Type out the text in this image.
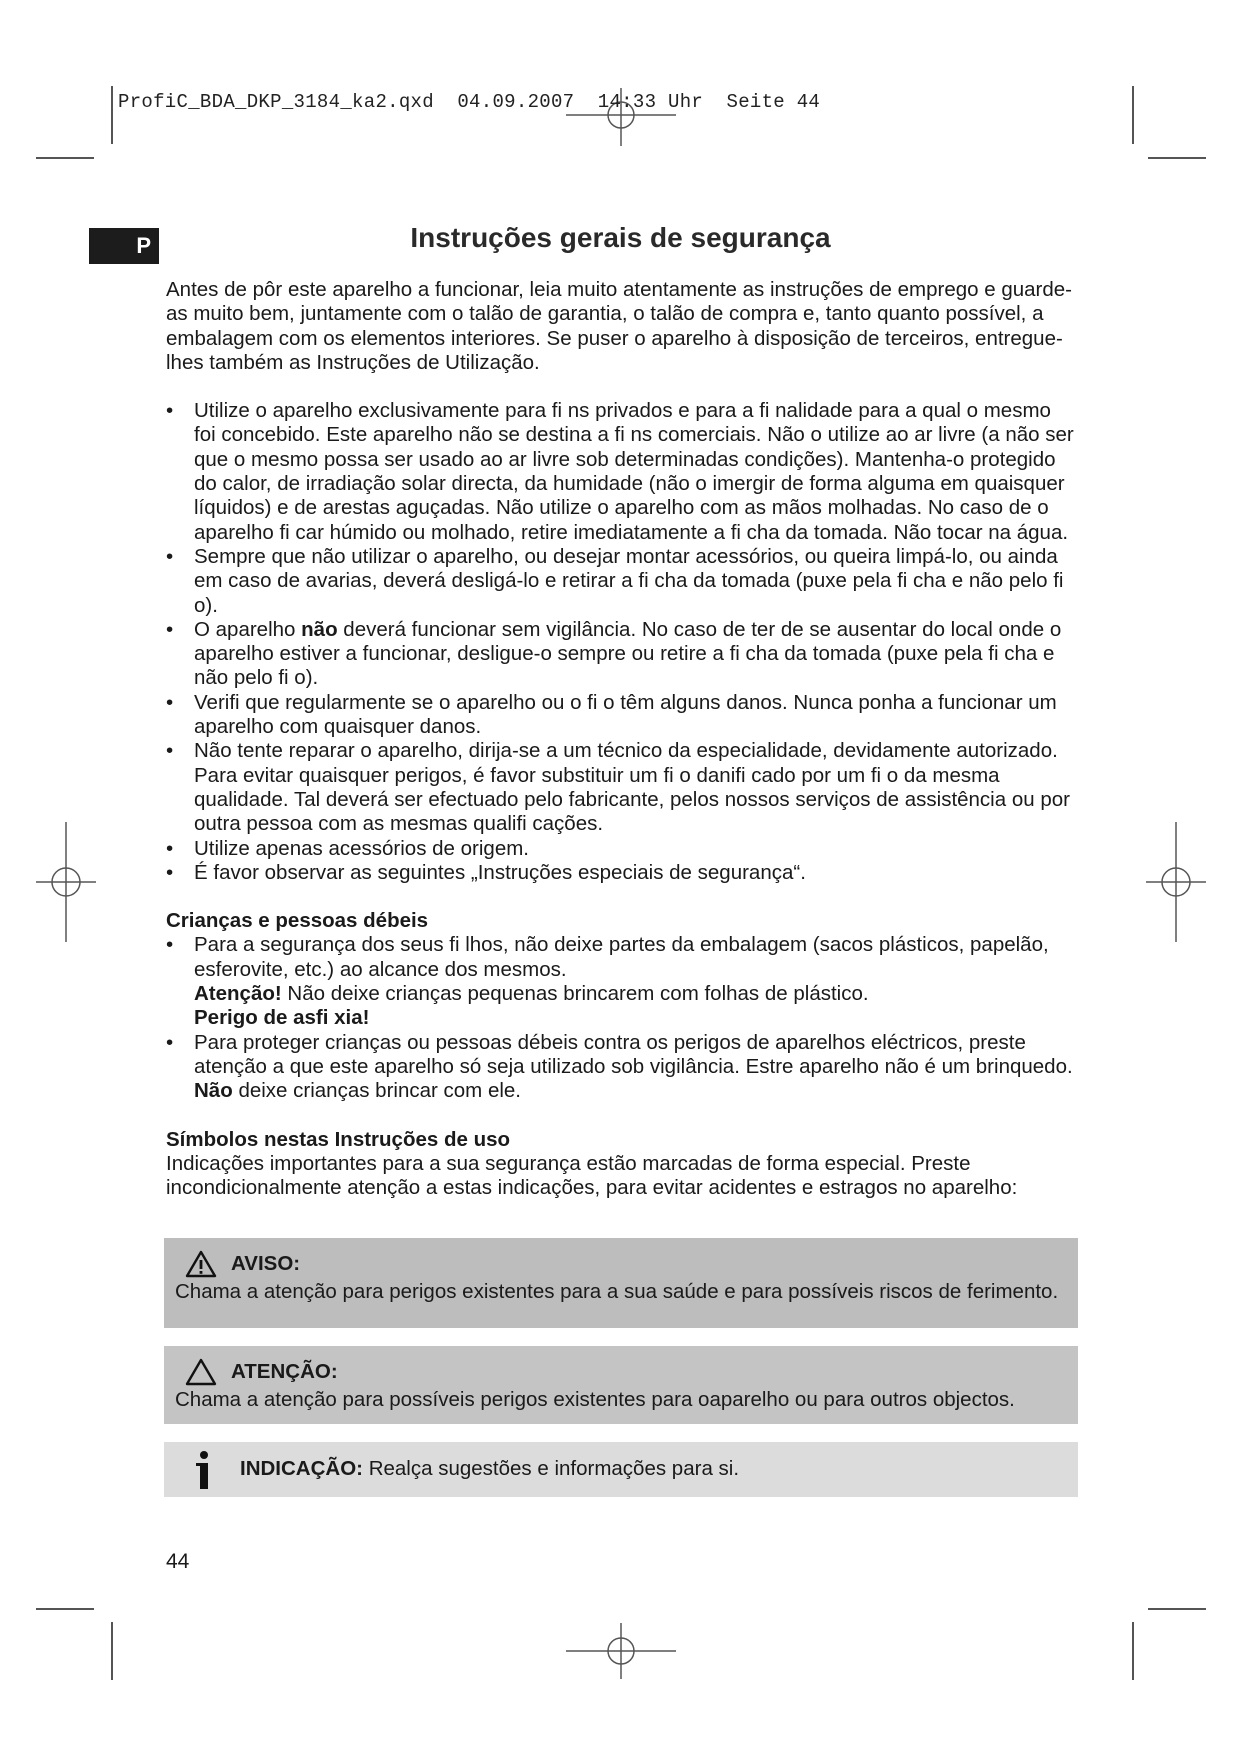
ProfiC_BDA_DKP_3184_ka2.qxd  04.09.2007  14:33 Uhr  Seite 44
P	Instruções gerais de segurança

Antes de pôr este aparelho a funcionar, leia muito atentamente as instruções de emprego e guarde-as muito bem, juntamente com o talão de garantia, o talão de compra e, tanto quanto possível, a embalagem com os elementos interiores. Se puser o aparelho à disposição de terceiros, entregue-lhes também as Instruções de Utilização.

• Utilize o aparelho exclusivamente para fi ns privados e para a fi nalidade para a qual o mesmo foi concebido. Este aparelho não se destina a fi ns comerciais. Não o utilize ao ar livre (a não ser que o mesmo possa ser usado ao ar livre sob determinadas condições). Mantenha-o protegido do calor, de irradiação solar directa, da humidade (não o imergir de forma alguma em quaisquer líquidos) e de arestas aguçadas. Não utilize o aparelho com as mãos molhadas. No caso de o aparelho fi car húmido ou molhado, retire imediatamente a fi cha da tomada. Não tocar na água.
• Sempre que não utilizar o aparelho, ou desejar montar acessórios, ou queira limpá-lo, ou ainda em caso de avarias, deverá desligá-lo e retirar a fi cha da tomada (puxe pela fi cha e não pelo fi o).
• O aparelho não deverá funcionar sem vigilância. No caso de ter de se ausentar do local onde o aparelho estiver a funcionar, desligue-o sempre ou retire a fi cha da tomada (puxe pela fi cha e não pelo fi o).
• Verifi que regularmente se o aparelho ou o fi o têm alguns danos. Nunca ponha a funcionar um aparelho com quaisquer danos.
• Não tente reparar o aparelho, dirija-se a um técnico da especialidade, devidamente autorizado. Para evitar quaisquer perigos, é favor substituir um fi o danifi cado por um fi o da mesma qualidade. Tal deverá ser efectuado pelo fabricante, pelos nossos serviços de assistência ou por outra pessoa com as mesmas qualifi cações.
• Utilize apenas acessórios de origem.
• É favor observar as seguintes „Instruções especiais de segurança“.

Crianças e pessoas débeis

• Para a segurança dos seus fi lhos, não deixe partes da embalagem (sacos plásticos, papelão, esferovite, etc.) ao alcance dos mesmos.

Atenção! Não deixe crianças pequenas brincarem com folhas de plástico.

Perigo de asfi xia!

• Para proteger crianças ou pessoas débeis contra os perigos de aparelhos eléctricos, preste atenção a que este aparelho só seja utilizado sob vigilância. Estre aparelho não é um brinquedo. Não deixe crianças brincar com ele.

Símbolos nestas Instruções de uso

Indicações importantes para a sua segurança estão marcadas de forma especial. Preste incondicionalmente atenção a estas indicações, para evitar acidentes e estragos no aparelho:

AVISO:
Chama a atenção para perigos existentes para a sua saúde e para possíveis riscos de ferimento.
ATENÇÃO:
Chama a atenção para possíveis perigos existentes para oaparelho ou para outros objectos.
INDICAÇÃO: Realça sugestões e informações para si.
44
